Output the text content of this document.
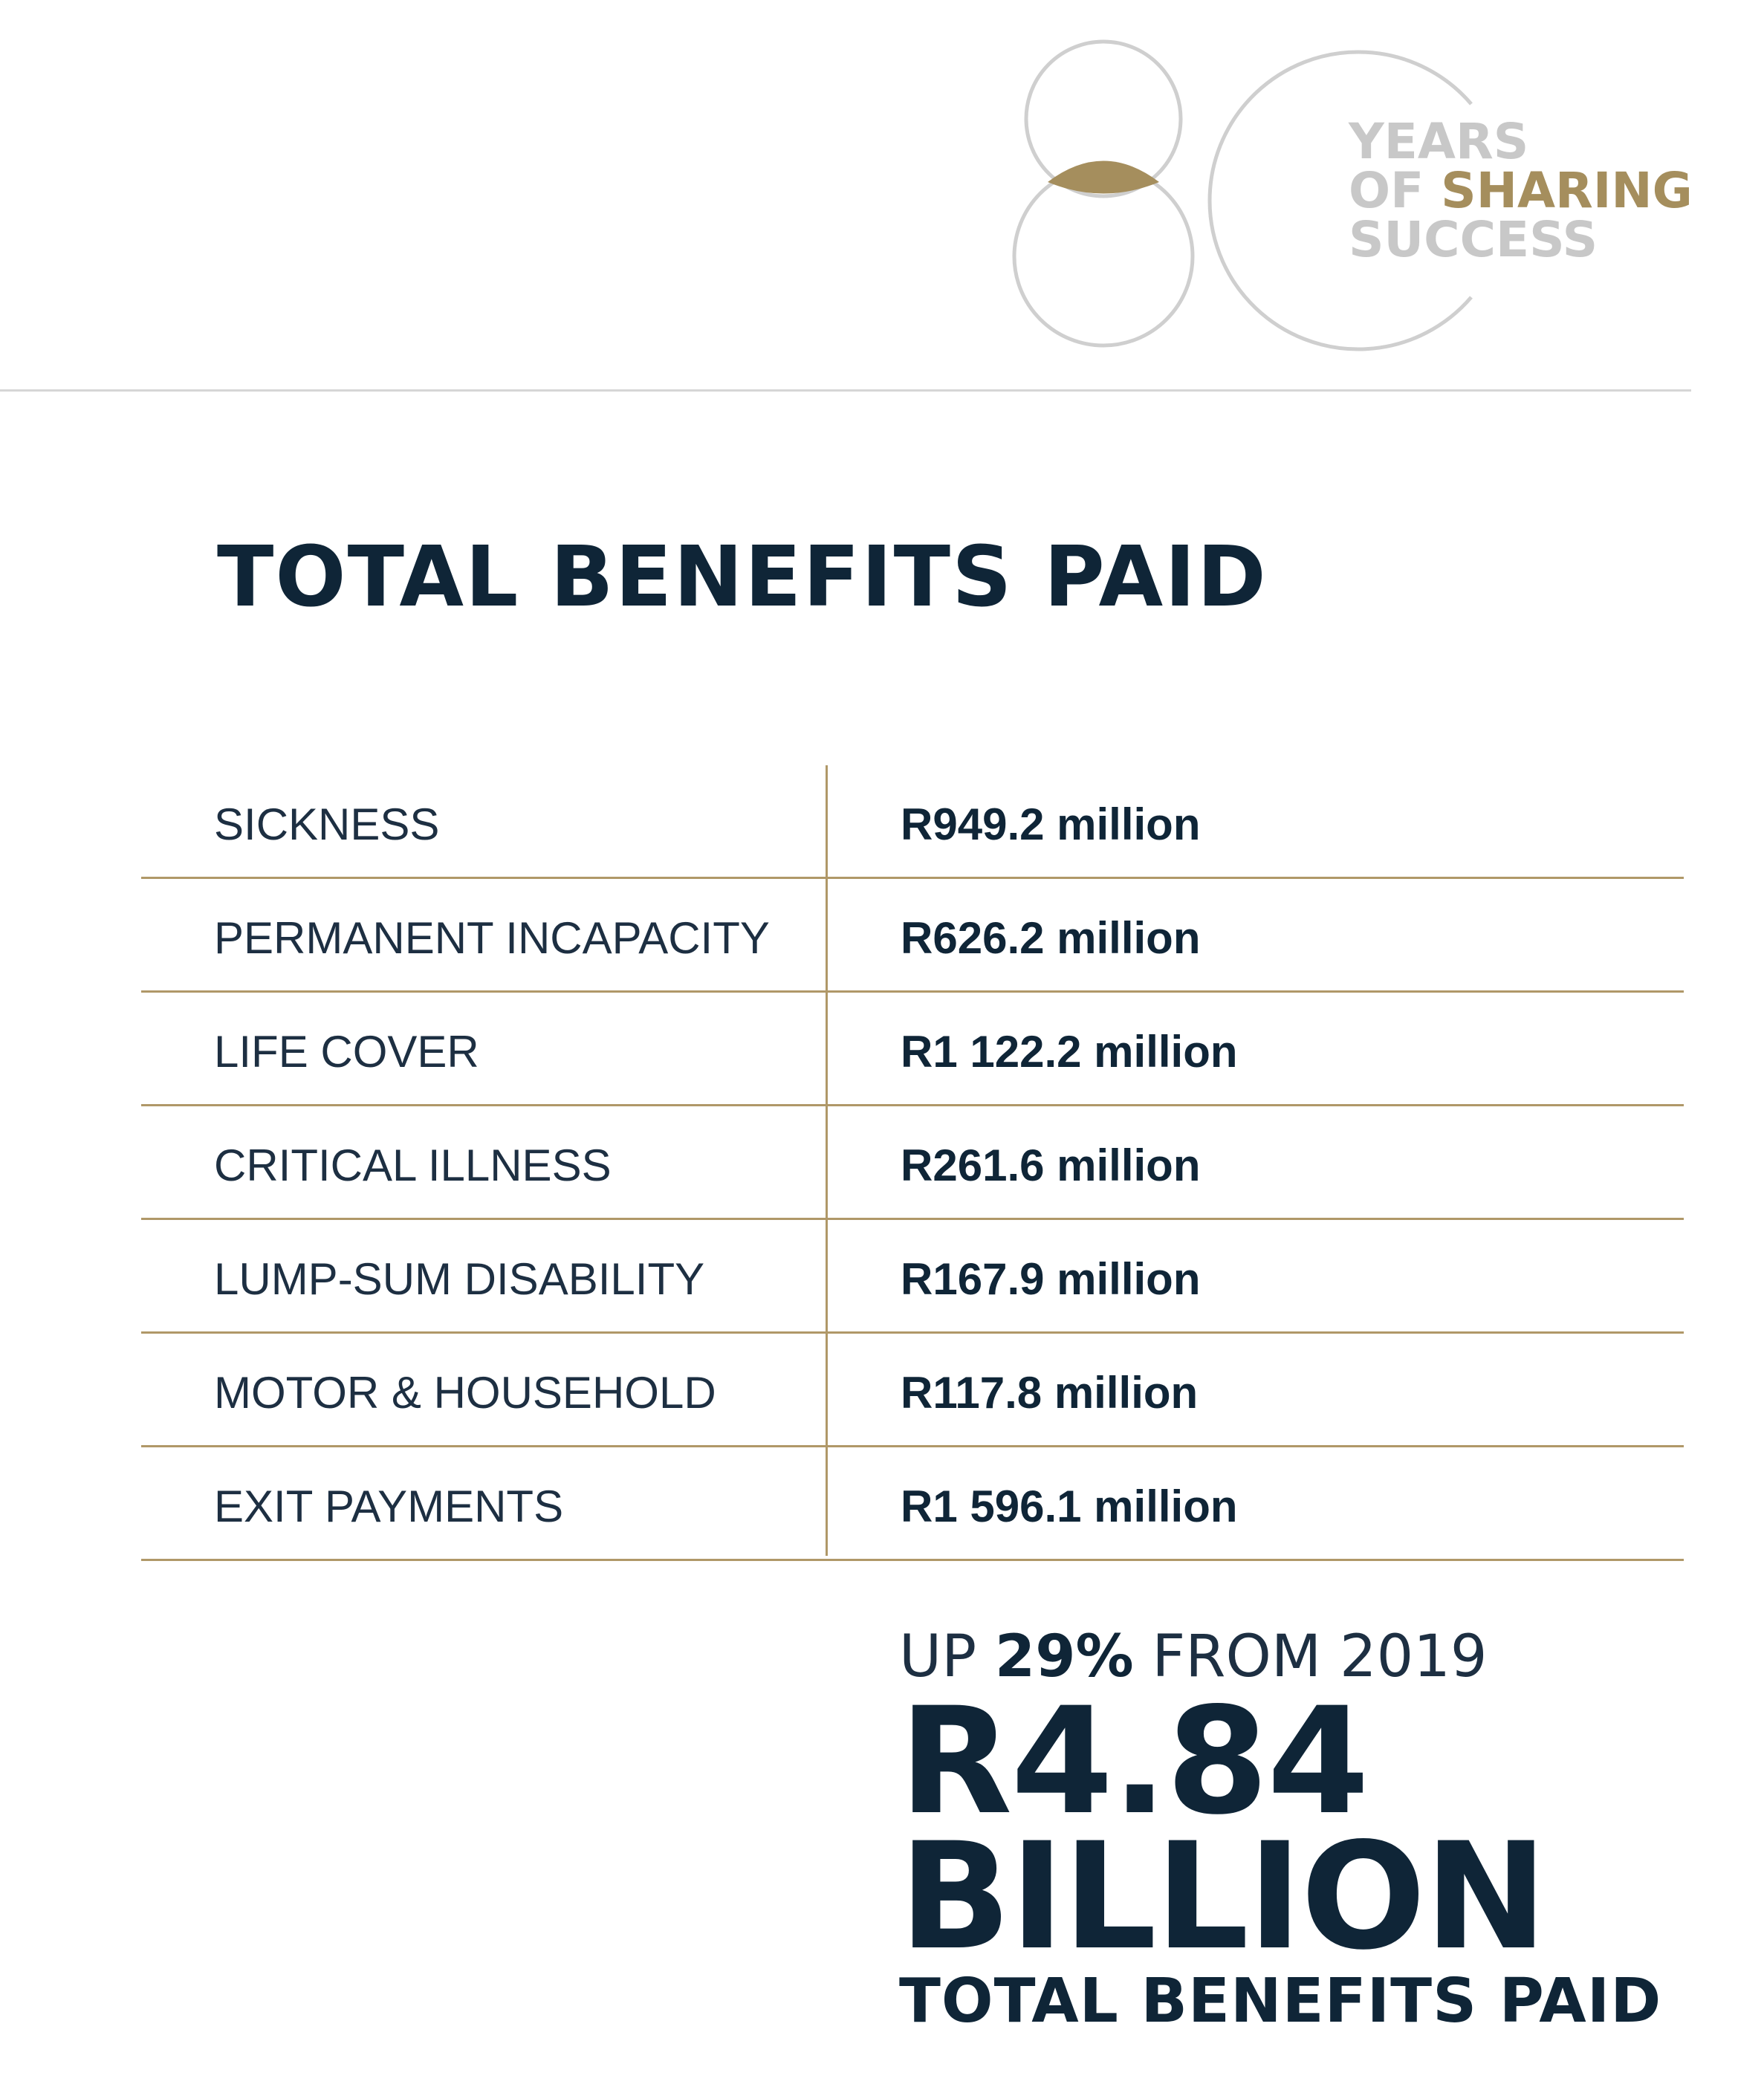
YEARS
OF SHARING
SUCCESS
TOTAL BENEFITS PAID
SICKNESS	R949.2 million
PERMANENT INCAPACITY	R626.2 million
LIFE COVER	R1 122.2 million
CRITICAL ILLNESS	R261.6 million
LUMP-SUM DISABILITY	R167.9 million
MOTOR & HOUSEHOLD	R117.8 million
EXIT PAYMENTS	R1 596.1 million
UP 29% FROM 2019
R4.84
BILLION
TOTAL BENEFITS PAID
